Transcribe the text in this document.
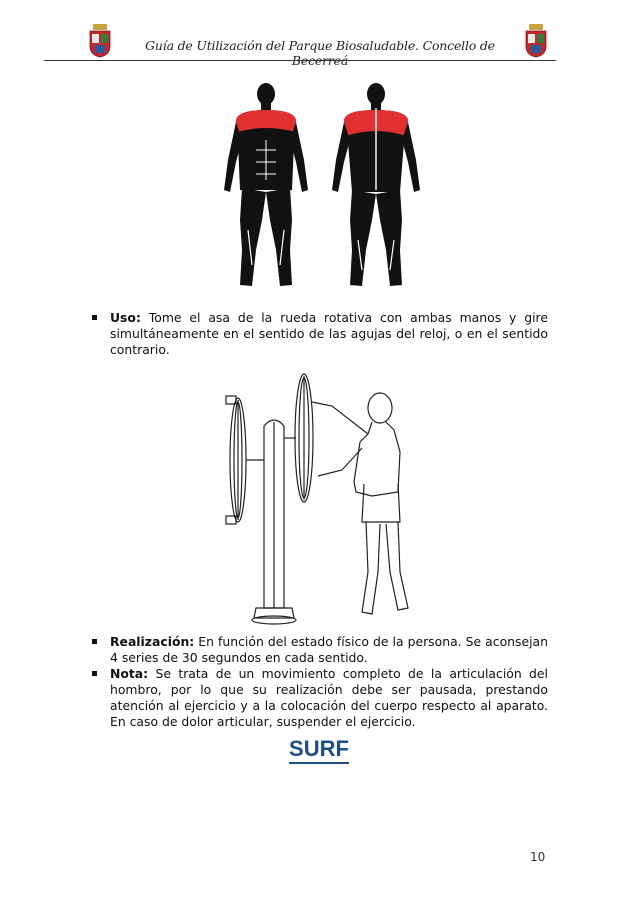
Guía de Utilización del Parque Biosaludable. Concello de Becerreá
Uso: Tome el asa de la rueda rotativa con ambas manos y gire simultáneamente en el sentido de las agujas del reloj, o en el sentido contrario.
Realización: En función del estado físico de la persona. Se aconsejan 4 series de 30 segundos en cada sentido.
Nota: Se trata de un movimiento completo de la articulación del hombro, por lo que su realización debe ser pausada, prestando atención al ejercicio y a la colocación del cuerpo respecto al aparato. En caso de dolor articular, suspender el ejercicio.
SURF
10
